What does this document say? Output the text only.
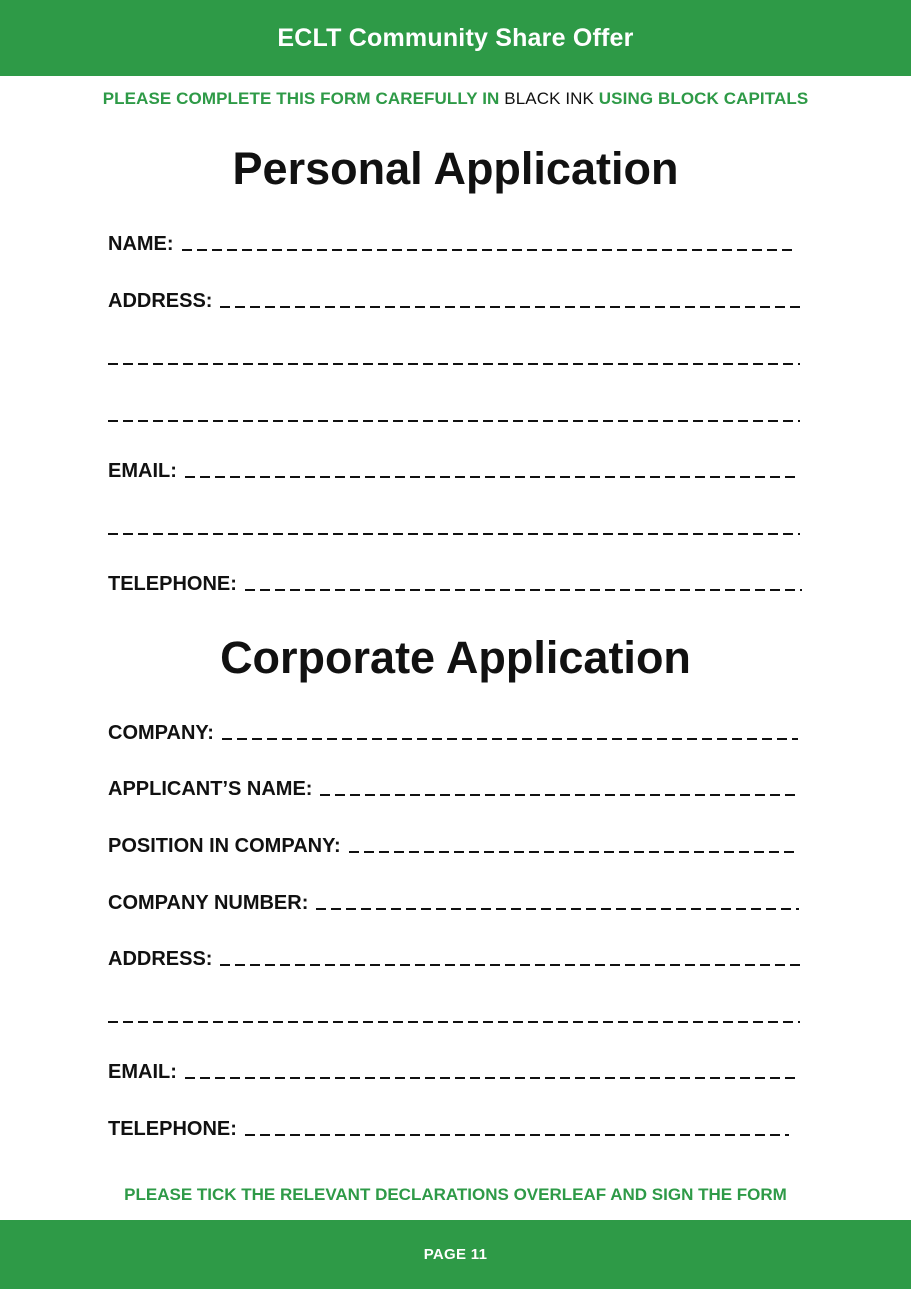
ECLT Community Share Offer
PLEASE COMPLETE THIS FORM CAREFULLY IN BLACK INK USING BLOCK CAPITALS
Personal Application
NAME:
ADDRESS:
EMAIL:
TELEPHONE:
Corporate Application
COMPANY:
APPLICANT’S NAME:
POSITION IN COMPANY:
COMPANY NUMBER:
ADDRESS:
EMAIL:
TELEPHONE:
PLEASE TICK THE RELEVANT DECLARATIONS OVERLEAF AND SIGN THE FORM
PAGE 11
